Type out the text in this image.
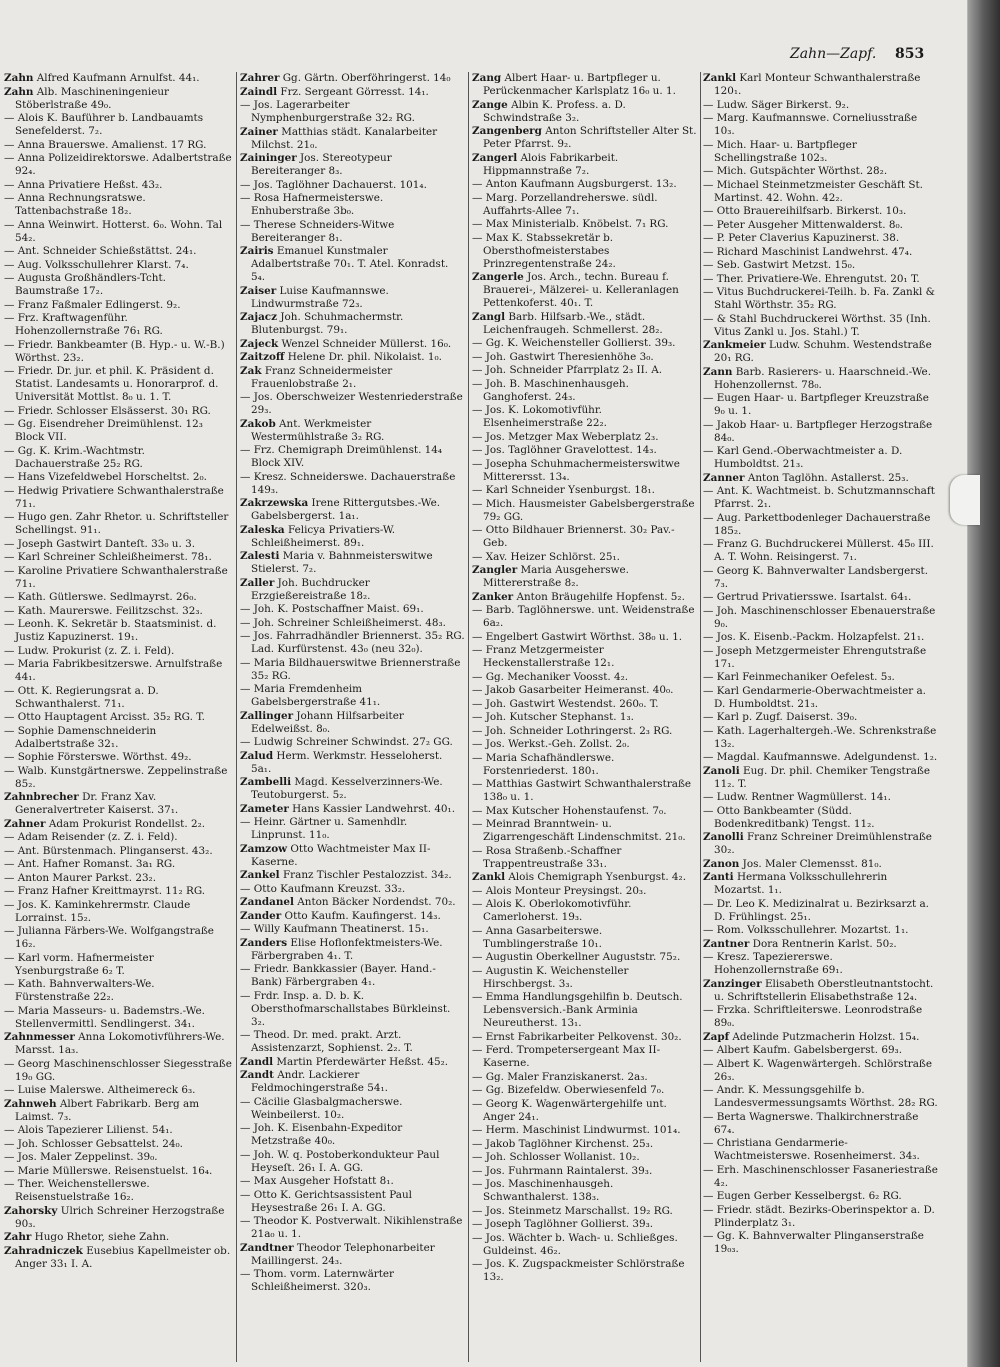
Zahn—Zapf. 853

Zahn Alfred Kaufmann Arnulfst. 44₁.

Zahn Alb. Maschineningenieur Stöberlstraße 49₀.

— Alois K. Bauführer b. Landbauamts Senefelderst. 7₂.

— Anna Brauerswe. Amalienst. 17 RG.

— Anna Polizeidirektorswe. Adalbertstraße 92₄.

— Anna Privatiere Heßst. 43₂.

— Anna Rechnungsratswe. Tattenbachstraße 18₂.

— Anna Weinwirt. Hotterst. 6₀. Wohn. Tal 54₂.

— Ant. Schneider Schießstättst. 24₁.

— Aug. Volksschullehrer Klarst. 7₄.

— Augusta Großhändlers-Tcht. Baumstraße 17₂.

— Franz Faßmaler Edlingerst. 9₂.

— Frz. Kraftwagenführ. Hohenzollernstraße 76₁ RG.

— Friedr. Bankbeamter (B. Hyp.- u. W.-B.) Wörthst. 23₂.

— Friedr. Dr. jur. et phil. K. Präsident d. Statist. Landesamts u. Honorarprof. d. Universität Mottlst. 8₀ u. 1. T.

— Friedr. Schlosser Elsässerst. 30₁ RG.

— Gg. Eisendreher Dreimühlenst. 12₃ Block VII.

— Gg. K. Krim.-Wachtmstr. Dachauerstraße 25₂ RG.

— Hans Vizefeldwebel Horscheltst. 2₀.

— Hedwig Privatiere Schwanthalerstraße 71₁.

— Hugo gen. Zahr Rhetor. u. Schriftsteller Schellingst. 91₁.

— Joseph Gastwirt Danteſt. 33₀ u. 3.

— Karl Schreiner Schleißheimerst. 78₁.

— Karoline Privatiere Schwanthalerstraße 71₁.

— Kath. Gütlerswe. Sedlmayrst. 26₀.

— Kath. Maurerswe. Feilitzschst. 32₃.

— Leonh. K. Sekretär b. Staatsminist. d. Justiz Kapuzinerst. 19₁.

— Ludw. Prokurist (z. Z. i. Feld).

— Maria Fabrikbesitzerswe. Arnulfstraße 44₁.

— Ott. K. Regierungsrat a. D. Schwanthalerst. 71₁.

— Otto Hauptagent Arcisst. 35₂ RG. T.

— Sophie Damenschneiderin Adalbertstraße 32₁.

— Sophie Försterswe. Wörthst. 49₂.

— Walb. Kunstgärtnerswe. Zeppelinstraße 85₂.

Zahnbrecher Dr. Franz Xav. Generalvertreter Kaiserst. 37₁.

Zahner Adam Prokurist Rondellst. 2₂.

— Adam Reisender (z. Z. i. Feld).

— Ant. Bürstenmach. Plinganserst. 43₂.

— Ant. Hafner Romanst. 3a₁ RG.

— Anton Maurer Parkst. 23₂.

— Franz Hafner Kreittmayrst. 11₂ RG.

— Jos. K. Kaminkehrermstr. Claude Lorrainst. 15₂.

— Julianna Färbers-We. Wolfgangstraße 16₂.

— Karl vorm. Hafnermeister Ysenburgstraße 6₂ T.

— Kath. Bahnverwalters-We. Fürstenstraße 22₂.

— Maria Masseurs- u. Bademstrs.-We. Stellenvermittl. Sendlingerst. 34₁.

Zahnmesser Anna Lokomotivführers-We. Marsst. 1a₃.

— Georg Maschinenschlosser Siegesstraße 19₀ GG.

— Luise Malerswe. Altheimereck 6₃.

Zahnweh Albert Fabrikarb. Berg am Laimst. 7₃.

— Alois Tapezierer Lilienst. 54₁.

— Joh. Schlosser Gebsattelst. 24₀.

— Jos. Maler Zeppelinst. 39₀.

— Marie Müllerswe. Reisenstuelst. 16₄.

— Ther. Weichenstellerswe. Reisenstuelstraße 16₂.

Zahorsky Ulrich Schreiner Herzogstraße 90₃.

Zahr Hugo Rhetor, siehe Zahn.

Zahradniczek Eusebius Kapellmeister ob. Anger 33₁ I. A.

Zahrer Gg. Gärtn. Oberföhringerst. 14₀

Zaindl Frz. Sergeant Görresst. 14₁.

— Jos. Lagerarbeiter Nymphenburgerstraße 32₂ RG.

Zainer Matthias städt. Kanalarbeiter Milchst. 21₀.

Zaininger Jos. Stereotypeur Bereiteranger 8₃.

— Jos. Taglöhner Dachauerst. 101₄.

— Rosa Hafnermeisterswe. Enhuberstraße 3b₀.

— Therese Schneiders-Witwe Bereiteranger 8₁.

Zairis Emanuel Kunstmaler Adalbertstraße 70₁. T. Atel. Konradst. 5₄.

Zaiser Luise Kaufmannswe. Lindwurmstraße 72₃.

Zajacz Joh. Schuhmachermstr. Blutenburgst. 79₁.

Zajeck Wenzel Schneider Müllerst. 16₀.

Zaitzoff Helene Dr. phil. Nikolaist. 1₀.

Zak Franz Schneidermeister Frauenlobstraße 2₁.

— Jos. Oberschweizer Westenriederstraße 29₃.

Zakob Ant. Werkmeister Westermühlstraße 3₂ RG.

— Frz. Chemigraph Dreimühlenst. 14₄ Block XIV.

— Kresz. Schneiderswe. Dachauerstraße 149₃.

Zakrzewska Irene Rittergutsbes.-We. Gabelsbergerst. 1a₁.

Zaleska Felicya Privatiers-W. Schleißheimerst. 89₁.

Zalesti Maria v. Bahnmeisterswitwe Stielerst. 7₂.

Zaller Joh. Buchdrucker Erzgießereistraße 18₂.

— Joh. K. Postschaffner Maist. 69₁.

— Joh. Schreiner Schleißheimerst. 48₃.

— Jos. Fahrradhändler Briennerst. 35₂ RG. Lad. Kurfürstenst. 43₀ (neu 32₀).

— Maria Bildhauerswitwe Briennerstraße 35₂ RG.

— Maria Fremdenheim Gabelsbergerstraße 41₁.

Zallinger Johann Hilfsarbeiter Edelweißst. 8₀.

— Ludwig Schreiner Schwindst. 27₂ GG.

Zalud Herm. Werkmstr. Hesseloherst. 5a₁.

Zambelli Magd. Kesselverzinners-We. Teutoburgerst. 5₂.

Zameter Hans Kassier Landwehrst. 40₁.

— Heinr. Gärtner u. Samenhdlr. Linprunst. 11₀.

Zamzow Otto Wachtmeister Max II-Kaserne.

Zankel Franz Tischler Pestalozzist. 34₂.

— Otto Kaufmann Kreuzst. 33₂.

Zandanel Anton Bäcker Nordendst. 70₂.

Zander Otto Kaufm. Kaufingerst. 14₃.

— Willy Kaufmann Theatinerst. 15₁.

Zanders Elise Hoflonfektmeisters-We. Färbergraben 4₁. T.

— Friedr. Bankkassier (Bayer. Hand.-Bank) Färbergraben 4₁.

— Frdr. Insp. a. D. b. K. Obersthofmarschallstabes Bürkleinst. 3₂.

— Theod. Dr. med. prakt. Arzt. Assistenzarzt, Sophienst. 2₂. T.

Zandl Martin Pferdewärter Heßst. 45₂.

Zandt Andr. Lackierer Feldmochingerstraße 54₁.

— Cäcilie Glasbalgmacherswe. Weinbeilerst. 10₂.

— Joh. K. Eisenbahn-Expeditor Metzstraße 40₀.

— Joh. W. q. Postoberkondukteur Paul Heyseſt. 26₁ I. A. GG.

— Max Ausgeher Hofstatt 8₁.

— Otto K. Gerichtsassistent Paul Heysestraße 26₁ I. A. GG.

— Theodor K. Postverwalt. Nikihlenstraße 21a₀ u. 1.

Zandtner Theodor Telephonarbeiter Maillingerst. 24₃.

— Thom. vorm. Laternwärter Schleißheimerst. 320₃.

Zang Albert Haar- u. Bartpfleger u. Perückenmacher Karlsplatz 16₀ u. 1.

Zange Albin K. Profess. a. D. Schwindstraße 3₂.

Zangenberg Anton Schriftsteller Alter St. Peter Pfarrst. 9₂.

Zangerl Alois Fabrikarbeit. Hippmannstraße 7₂.

— Anton Kaufmann Augsburgerst. 13₂.

— Marg. Porzellandreherswe. südl. Auffahrts-Allee 7₁.

— Max Ministerialb. Knöbelst. 7₁ RG.

— Max K. Stabssekretär b. Obersthofmeisterstabes Prinzregentenstraße 24₂.

Zangerle Jos. Arch., techn. Bureau f. Brauerei-, Mälzerei- u. Kelleranlagen Pettenkoferst. 40₁. T.

Zangl Barb. Hilfsarb.-We., städt. Leichenfraugeh. Schmellerst. 28₂.

— Gg. K. Weichensteller Gollierst. 39₃.

— Joh. Gastwirt Theresienhöhe 3₀.

— Joh. Schneider Pfarrplatz 2₃ II. A.

— Joh. B. Maschinenhausgeh. Ganghoferst. 24₃.

— Jos. K. Lokomotivführ. Elsenheimerstraße 22₂.

— Jos. Metzger Max Weberplatz 2₃.

— Jos. Taglöhner Gravelottest. 14₃.

— Josepha Schuhmachermeisterswitwe Mitterersst. 13₄.

— Karl Schneider Ysenburgst. 18₁.

— Mich. Hausmeister Gabelsbergerstraße 79₂ GG.

— Otto Bildhauer Briennerst. 30₂ Pav.-Geb.

— Xav. Heizer Schlörst. 25₁.

Zangler Maria Ausgeherswe. Mittererstraße 8₂.

Zanker Anton Bräugehilfe Hopfenst. 5₂.

— Barb. Taglöhnerswe. unt. Weidenstraße 6a₂.

— Engelbert Gastwirt Wörthst. 38₀ u. 1.

— Franz Metzgermeister Heckenstallerstraße 12₁.

— Gg. Mechaniker Voosst. 4₂.

— Jakob Gasarbeiter Heimeranst. 40₀.

— Joh. Gastwirt Westendst. 260₀. T.

— Joh. Kutscher Stephanst. 1₃.

— Joh. Schneider Lothringerst. 2₃ RG.

— Jos. Werkst.-Geh. Zollst. 2₀.

— Maria Schafhändlerswe. Forstenriederst. 180₁.

— Matthias Gastwirt Schwanthalerstraße 138₀ u. 1.

— Max Kutscher Hohenstaufenst. 7₀.

— Meinrad Branntwein- u. Zigarrengeschäft Lindenschmitst. 21₀.

— Rosa Straßenb.-Schaffner Trappentreustraße 33₁.

Zankl Alois Chemigraph Ysenburgst. 4₂.

— Alois Monteur Preysingst. 20₃.

— Alois K. Oberlokomotivführ. Camerloherst. 19₃.

— Anna Gasarbeiterswe. Tumblingerstraße 10₁.

— Augustin Oberkellner Auguststr. 75₂.

— Augustin K. Weichensteller Hirschbergst. 3₃.

— Emma Handlungsgehilfin b. Deutsch. Lebensversich.-Bank Arminia Neureutherst. 13₁.

— Ernst Fabrikarbeiter Pelkovenst. 30₂.

— Ferd. Trompetersergeant Max II-Kaserne.

— Gg. Maler Franziskanerst. 2a₃.

— Gg. Bizefeldw. Oberwiesenfeld 7₀.

— Georg K. Wagenwärtergehilfe unt. Anger 24₁.

— Herm. Maschinist Lindwurmst. 101₄.

— Jakob Taglöhner Kirchenst. 25₃.

— Joh. Schlosser Wollanist. 10₂.

— Jos. Fuhrmann Raintalerst. 39₃.

— Jos. Maschinenhausgeh. Schwanthalerst. 138₃.

— Jos. Steinmetz Marschallst. 19₂ RG.

— Joseph Taglöhner Gollierst. 39₃.

— Jos. Wächter b. Wach- u. Schließges. Guldeinst. 46₂.

— Jos. K. Zugspackmeister Schlörstraße 13₂.

Zankl Karl Monteur Schwanthalerstraße 120₁.

— Ludw. Säger Birkerst. 9₂.

— Marg. Kaufmannswe. Corneliusstraße 10₃.

— Mich. Haar- u. Bartpfleger Schellingstraße 102₃.

— Mich. Gutspächter Wörthst. 28₂.

— Michael Steinmetzmeister Geschäft St. Martinst. 42. Wohn. 42₂.

— Otto Brauereihilfsarb. Birkerst. 10₃.

— Peter Ausgeher Mittenwalderst. 8₀.

— P. Peter Claverius Kapuzinerst. 38.

— Richard Maschinist Landwehrst. 47₄.

— Seb. Gastwirt Metzst. 15₀.

— Ther. Privatiere-We. Ehrengutst. 20₁ T.

— Vitus Buchdruckerei-Teilh. b. Fa. Zankl & Stahl Wörthstr. 35₂ RG.

— & Stahl Buchdruckerei Wörthst. 35 (Inh. Vitus Zankl u. Jos. Stahl.) T.

Zankmeier Ludw. Schuhm. Westendstraße 20₁ RG.

Zann Barb. Rasierers- u. Haarschneid.-We. Hohenzollernst. 78₀.

— Eugen Haar- u. Bartpfleger Kreuzstraße 9₀ u. 1.

— Jakob Haar- u. Bartpfleger Herzogstraße 84₀.

— Karl Gend.-Oberwachtmeister a. D. Humboldtst. 21₃.

Zanner Anton Taglöhn. Astallerst. 25₃.

— Ant. K. Wachtmeist. b. Schutzmannschaft Pfarrst. 2₁.

— Aug. Parkettbodenleger Dachauerstraße 185₂.

— Franz G. Buchdruckerei Müllerst. 45₀ III. A. T. Wohn. Reisingerst. 7₁.

— Georg K. Bahnverwalter Landsbergerst. 7₃.

— Gertrud Privatiersswe. Isartalst. 64₁.

— Joh. Maschinenschlosser Ebenauerstraße 9₀.

— Jos. K. Eisenb.-Packm. Holzapfelst. 21₁.

— Joseph Metzgermeister Ehrengutstraße 17₁.

— Karl Feinmechaniker Oefelest. 5₃.

— Karl Gendarmerie-Oberwachtmeister a. D. Humboldtst. 21₃.

— Karl p. Zugf. Daiserst. 39₀.

— Kath. Lagerhaltergeh.-We. Schrenkstraße 13₂.

— Magdal. Kaufmannswe. Adelgundenst. 1₂.

Zanoli Eug. Dr. phil. Chemiker Tengstraße 11₂. T.

— Ludw. Rentner Wagmüllerst. 14₁.

— Otto Bankbeamter (Südd. Bodenkreditbank) Tengst. 11₂.

Zanolli Franz Schreiner Dreimühlenstraße 30₂.

Zanon Jos. Maler Clemensst. 81₀.

Zanti Hermana Volksschullehrerin Mozartst. 1₁.

— Dr. Leo K. Medizinalrat u. Bezirksarzt a. D. Frühlingst. 25₁.

— Rom. Volksschullehrer. Mozartst. 1₁.

Zantner Dora Rentnerin Karlst. 50₂.

— Kresz. Tapeziererswe. Hohenzollernstraße 69₁.

Zanzinger Elisabeth Oberstleutnantstocht. u. Schriftstellerin Elisabethstraße 12₄.

— Frzka. Schriftleiterswe. Leonrodstraße 89₀.

Zapf Adelinde Putzmacherin Holzst. 15₄.

— Albert Kaufm. Gabelsbergerst. 69₃.

— Albert K. Wagenwärtergeh. Schlörstraße 26₃.

— Andr. K. Messungsgehilfe b. Landesvermessungsamts Wörthst. 28₂ RG.

— Berta Wagnerswe. Thalkirchnerstraße 67₄.

— Christiana Gendarmerie-Wachtmeisterswe. Rosenheimerst. 34₃.

— Erh. Maschinenschlosser Fasaneriestraße 4₂.

— Eugen Gerber Kesselbergst. 6₂ RG.

— Friedr. städt. Bezirks-Oberinspektor a. D. Plinderplatz 3₁.

— Gg. K. Bahnverwalter Plinganserstraße 19₀₃.
